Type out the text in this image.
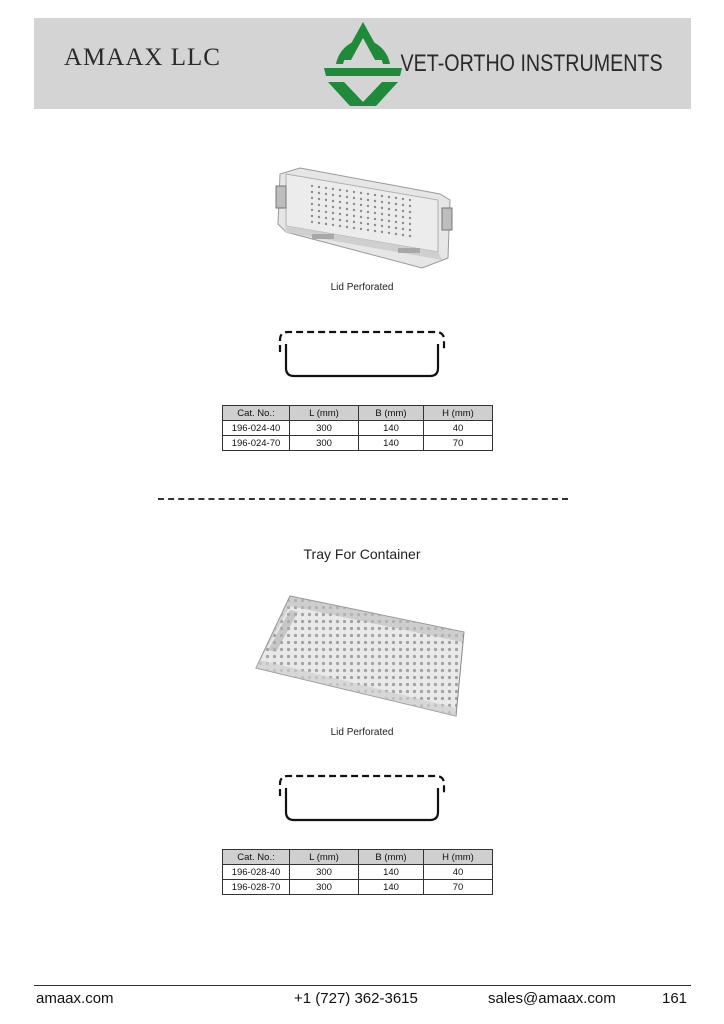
AMAAX LLC	VET-ORTHO INSTRUMENTS
Lid Perforated
Cat. No.:	L (mm)	B (mm)	H (mm)
196-024-40	300	140	40
196-024-70	300	140	70
Tray For Container
Lid Perforated
Cat. No.:	L (mm)	B (mm)	H (mm)
196-028-40	300	140	40
196-028-70	300	140	70
amaax.com	+1 (727) 362-3615	sales@amaax.com	161
